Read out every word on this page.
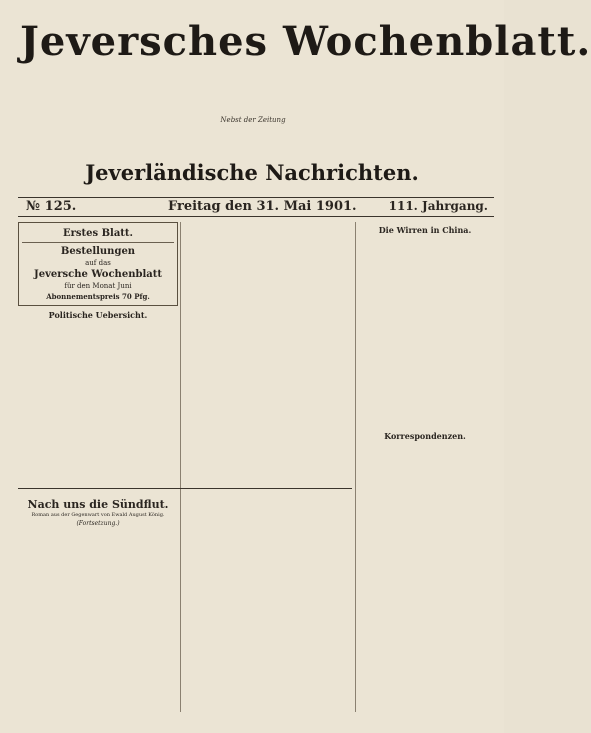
Jeversches Wochenblatt.
Nebst der Zeitung
Jeverländische Nachrichten.
№ 125.	Freitag den 31. Mai 1901.	111. Jahrgang.
Erstes Blatt.
Bestellungen
auf das
Jeversche Wochenblatt
für den Monat Juni
Abonnementspreis 70 Pfg.
Politische Uebersicht.
Die Wirren in China.
Korrespondenzen.
Nach uns die Sündflut.
Roman aus der Gegenwart von Ewald August König.
(Fortsetzung.)
